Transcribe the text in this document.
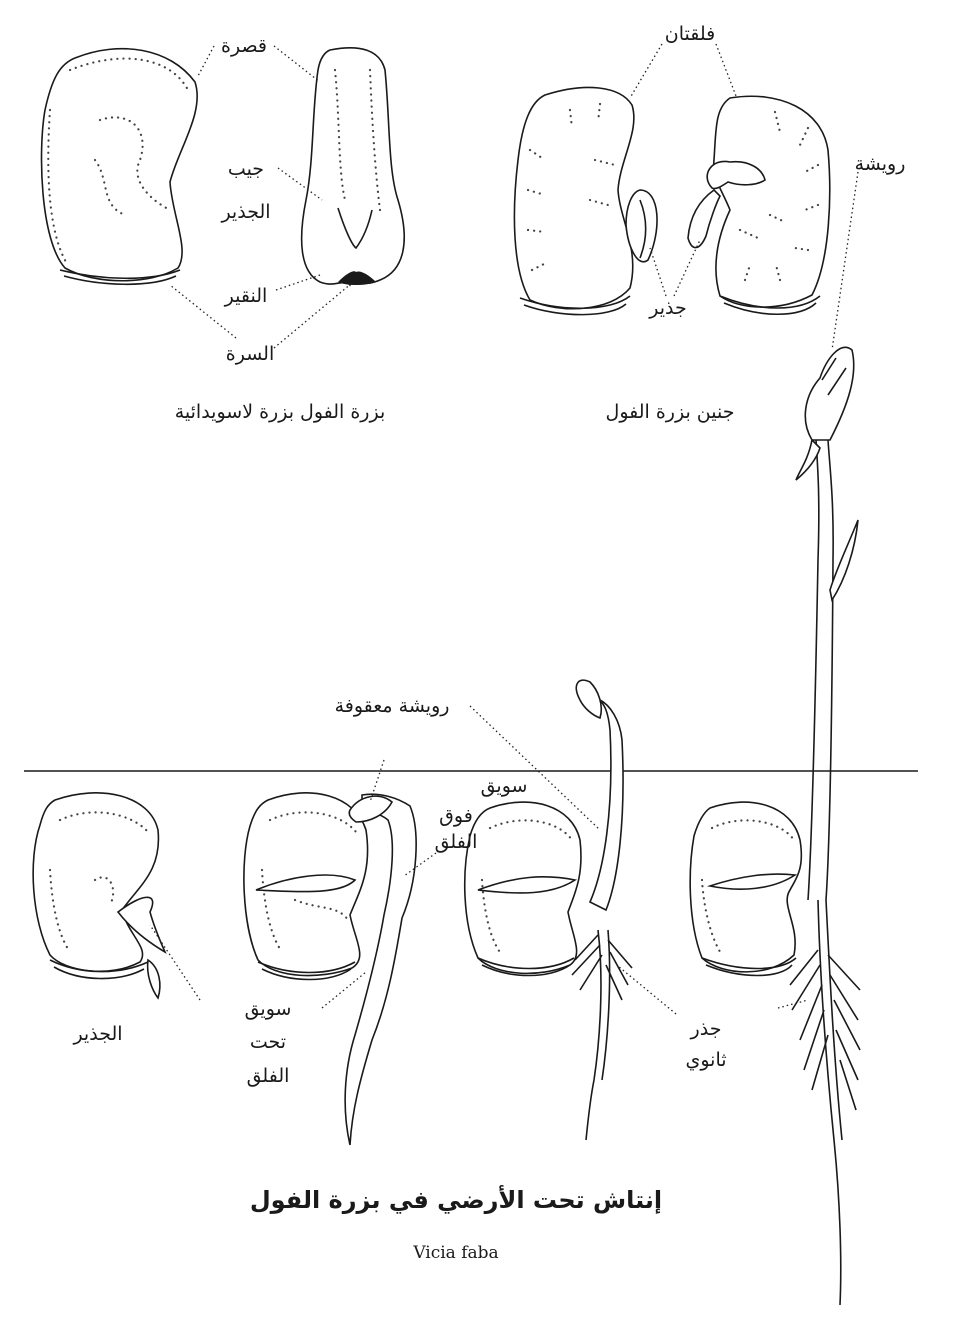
قصرة
جيب
الجذير
النقير
السرة
بزرة الفول بزرة لاسويدائية
فلقتان
رويشة
جذير
جنين بزرة الفول
الجذير
رويشة معقوفة
سويق
فوق
الفلق
سويق
تحت
الفلق
جذر
ثانوي
إنتاش تحت الأرضي في بزرة الفول
Vicia faba
